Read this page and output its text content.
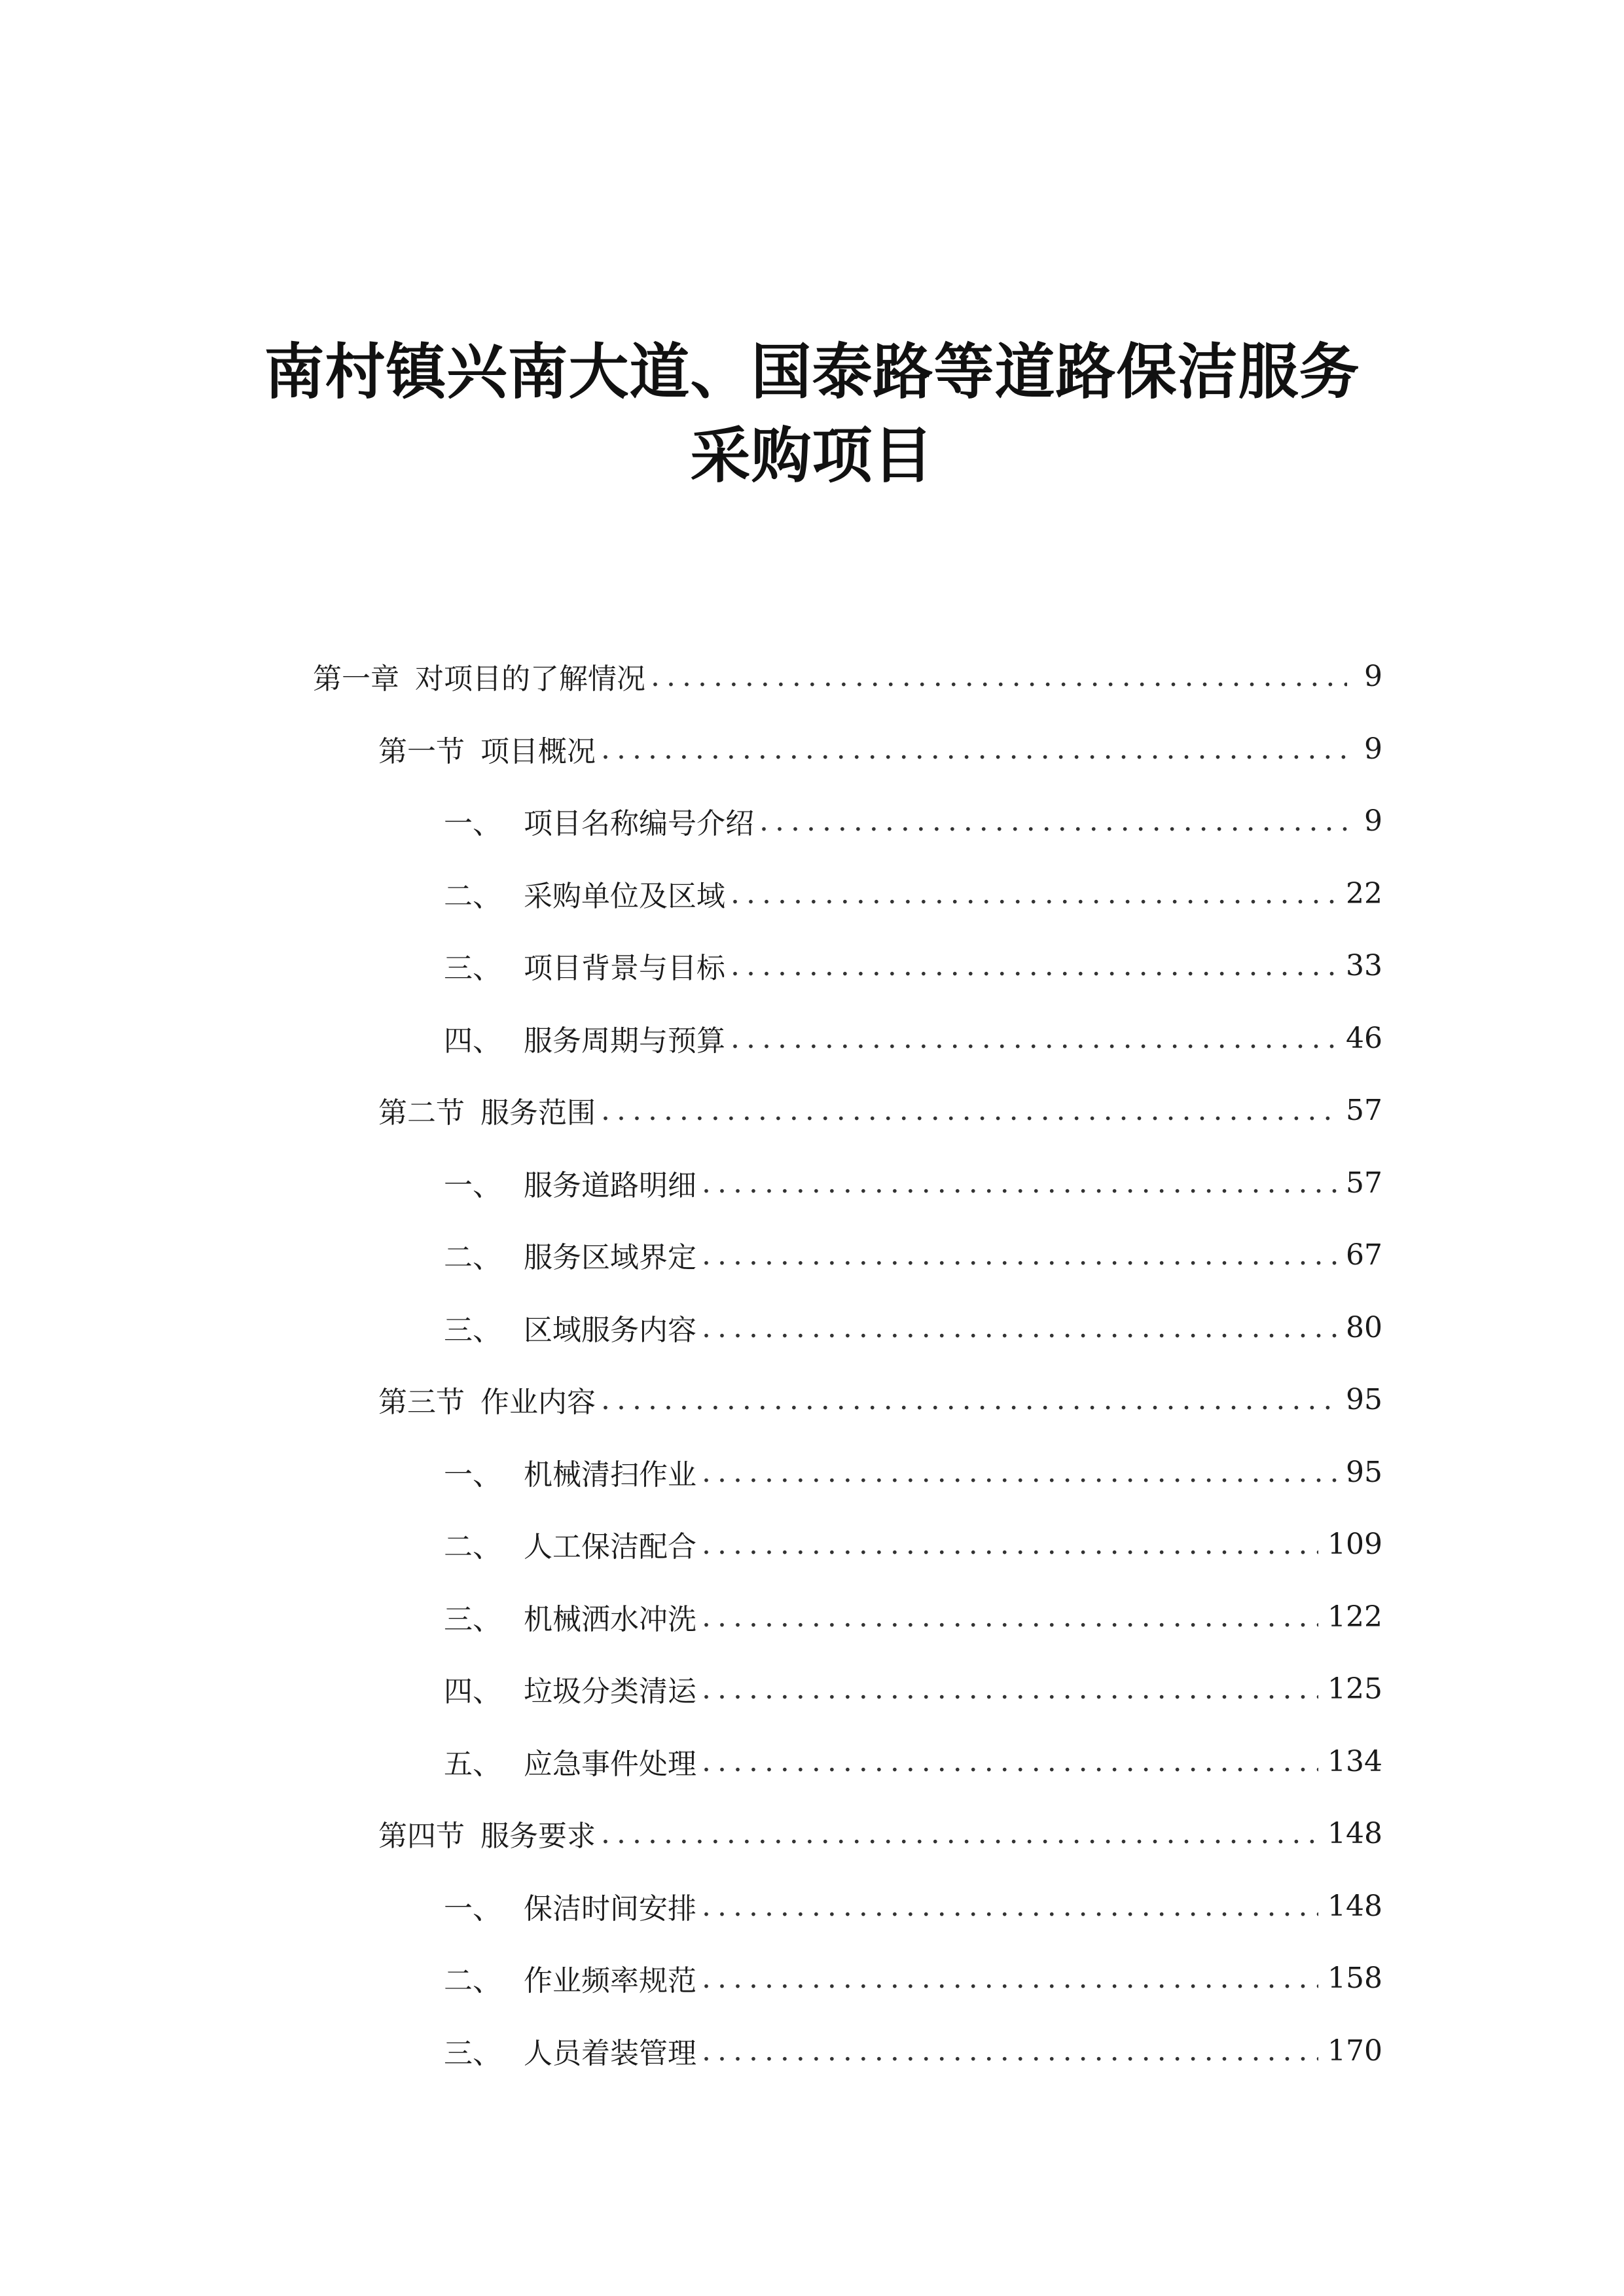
南村镇兴南大道、国泰路等道路保洁服务
采购项目
第一章 对项目的了解情况 .....	9
第一节 项目概况 .....	9
一、 项目名称编号介绍 .....	9
二、 采购单位及区域 .....	22
三、 项目背景与目标 .....	33
四、 服务周期与预算 .....	46
第二节 服务范围 .....	57
一、 服务道路明细 .....	57
二、 服务区域界定 .....	67
三、 区域服务内容 .....	80
第三节 作业内容 .....	95
一、 机械清扫作业 .....	95
二、 人工保洁配合 .....	109
三、 机械洒水冲洗 .....	122
四、 垃圾分类清运 .....	125
五、 应急事件处理 .....	134
第四节 服务要求 .....	148
一、 保洁时间安排 .....	148
二、 作业频率规范 .....	158
三、 人员着装管理 .....	170
